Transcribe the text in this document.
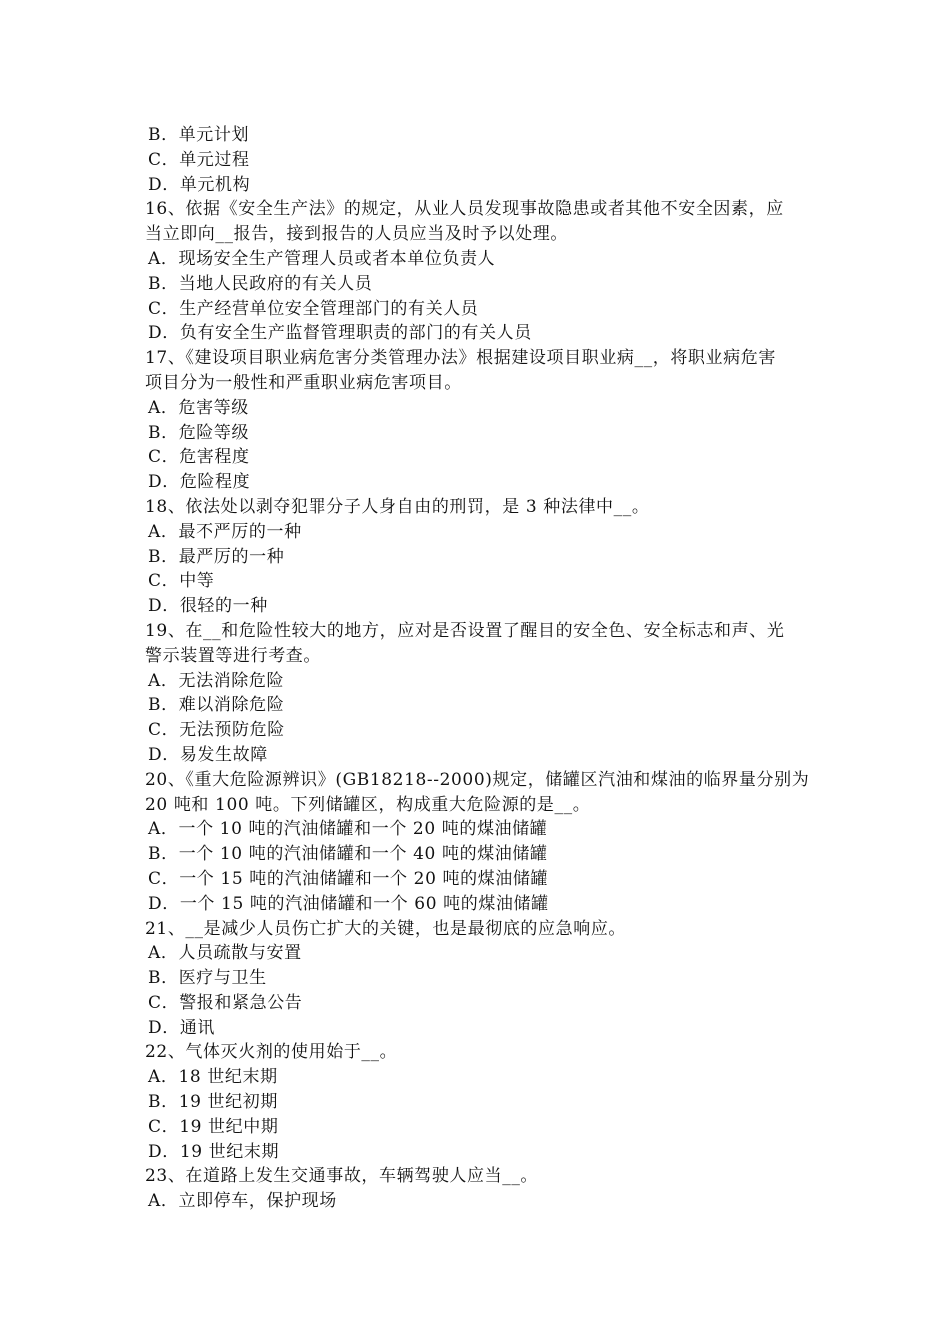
B．单元计划
C．单元过程
D．单元机构
16、依据《安全生产法》的规定，从业人员发现事故隐患或者其他不安全因素，应
当立即向__报告，接到报告的人员应当及时予以处理。
A．现场安全生产管理人员或者本单位负责人
B．当地人民政府的有关人员
C．生产经营单位安全管理部门的有关人员
D．负有安全生产监督管理职责的部门的有关人员
17、《建设项目职业病危害分类管理办法》根据建设项目职业病__，将职业病危害
项目分为一般性和严重职业病危害项目。
A．危害等级
B．危险等级
C．危害程度
D．危险程度
18、依法处以剥夺犯罪分子人身自由的刑罚，是 3 种法律中__。
A．最不严厉的一种
B．最严厉的一种
C．中等
D．很轻的一种
19、在__和危险性较大的地方，应对是否设置了醒目的安全色、安全标志和声、光
警示装置等进行考查。
A．无法消除危险
B．难以消除危险
C．无法预防危险
D．易发生故障
20、《重大危险源辨识》(GB18218--2000)规定，储罐区汽油和煤油的临界量分别为
20 吨和 100 吨。下列储罐区，构成重大危险源的是__。
A．一个 10 吨的汽油储罐和一个 20 吨的煤油储罐
B．一个 10 吨的汽油储罐和一个 40 吨的煤油储罐
C．一个 15 吨的汽油储罐和一个 20 吨的煤油储罐
D．一个 15 吨的汽油储罐和一个 60 吨的煤油储罐
21、__是减少人员伤亡扩大的关键，也是最彻底的应急响应。
A．人员疏散与安置
B．医疗与卫生
C．警报和紧急公告
D．通讯
22、气体灭火剂的使用始于__。
A．18 世纪末期
B．19 世纪初期
C．19 世纪中期
D．19 世纪末期
23、在道路上发生交通事故，车辆驾驶人应当__。
A．立即停车，保护现场
